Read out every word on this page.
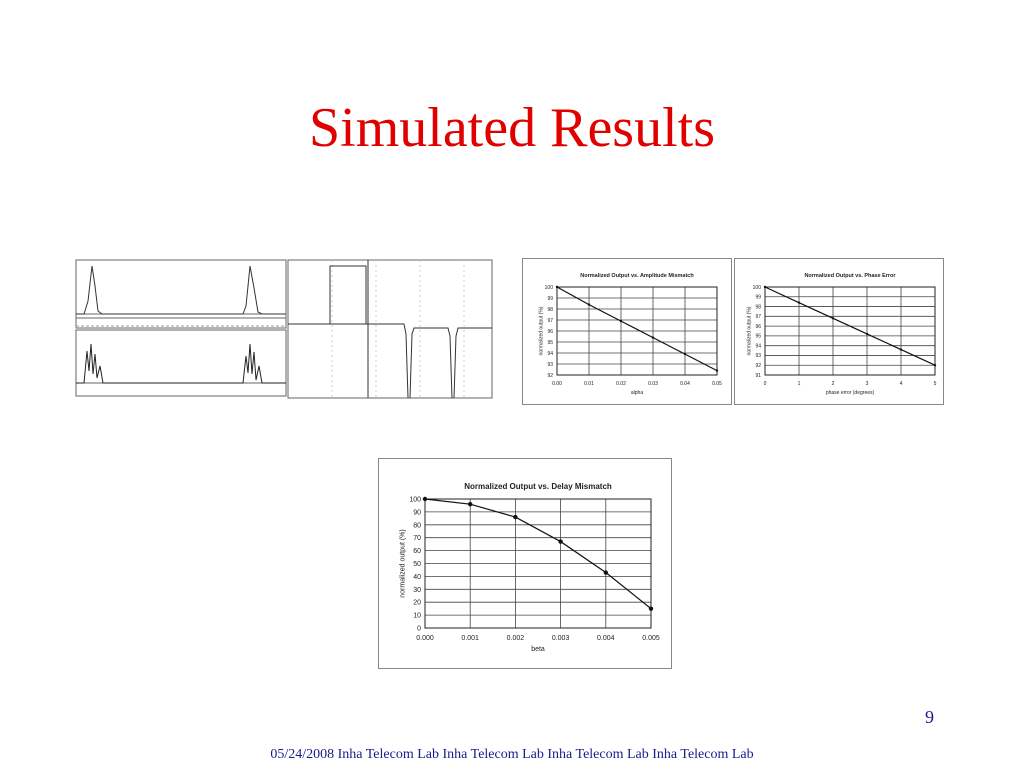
Simulated Results
Normalized Output vs. Amplitude Mismatch
92
93
94
95
96
97
98
99
100
0.00	0.01	0.02	0.03	0.04	0.05
alpha
normalized output (%)
Normalized Output vs. Phase Error
91
92
93
94
95
96
97
98
99
100
0	1	2	3	4	5
phase error (degrees)
normalized output (%)
Normalized Output vs. Delay Mismatch
0
10
20
30
40
50
60
70
80
90
100
0.000	0.001	0.002	0.003	0.004	0.005
beta
normalized output (%)
9
05/24/2008 Inha Telecom Lab Inha Telecom Lab Inha Telecom Lab Inha Telecom Lab
